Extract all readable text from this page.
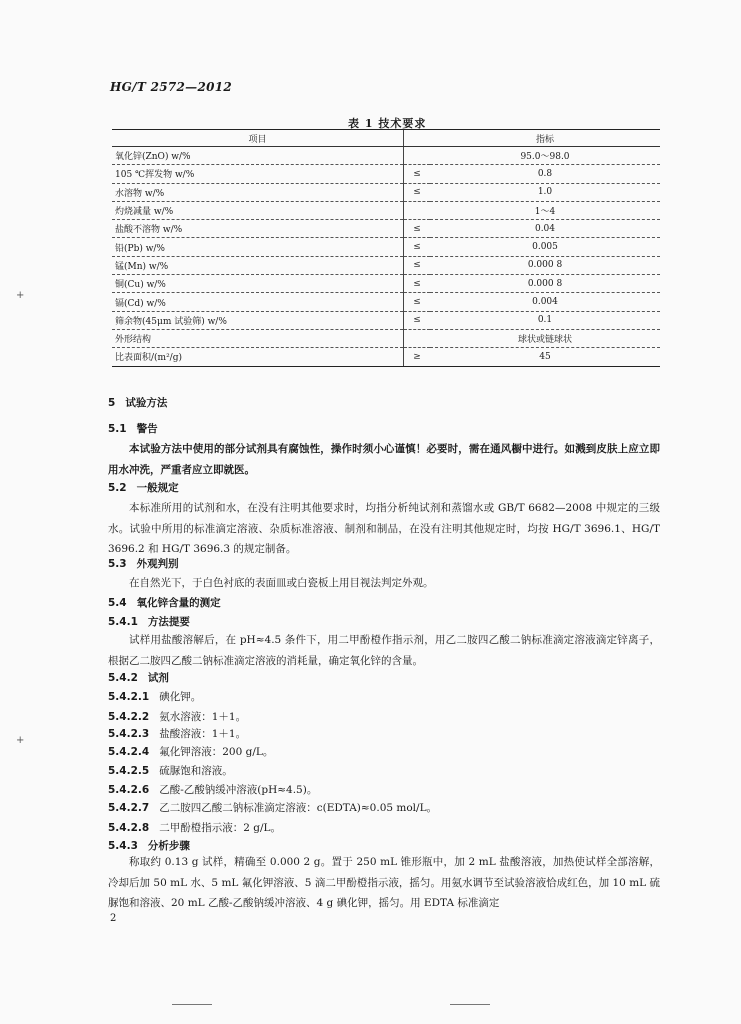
HG/T 2572—2012
表 1 技术要求
项目		指标
氧化锌(ZnO) w/%		95.0～98.0
105 ℃挥发物 w/%	≤	0.8
水溶物 w/%	≤	1.0
灼烧减量 w/%		1～4
盐酸不溶物 w/%	≤	0.04
铅(Pb) w/%	≤	0.005
锰(Mn) w/%	≤	0.000 8
铜(Cu) w/%	≤	0.000 8
镉(Cd) w/%	≤	0.004
筛余物(45μm 试验筛) w/%	≤	0.1
外形结构		球状或链球状
比表面积/(m²/g)	≥	45
5 试验方法
5.1 警告
本试验方法中使用的部分试剂具有腐蚀性，操作时须小心谨慎！必要时，需在通风橱中进行。如溅到皮肤上应立即用水冲洗，严重者应立即就医。
5.2 一般规定
本标准所用的试剂和水，在没有注明其他要求时，均指分析纯试剂和蒸馏水或 GB/T 6682—2008 中规定的三级水。试验中所用的标准滴定溶液、杂质标准溶液、制剂和制品，在没有注明其他规定时，均按 HG/T 3696.1、HG/T 3696.2 和 HG/T 3696.3 的规定制备。
5.3 外观判别
在自然光下，于白色衬底的表面皿或白瓷板上用目视法判定外观。
5.4 氧化锌含量的测定
5.4.1 方法提要
试样用盐酸溶解后，在 pH≈4.5 条件下，用二甲酚橙作指示剂，用乙二胺四乙酸二钠标准滴定溶液滴定锌离子，根据乙二胺四乙酸二钠标准滴定溶液的消耗量，确定氧化锌的含量。
5.4.2 试剂
5.4.2.1 碘化钾。
5.4.2.2 氨水溶液：1＋1。
5.4.2.3 盐酸溶液：1＋1。
5.4.2.4 氟化钾溶液：200 g/L。
5.4.2.5 硫脲饱和溶液。
5.4.2.6 乙酸-乙酸钠缓冲溶液(pH≈4.5)。
5.4.2.7 乙二胺四乙酸二钠标准滴定溶液：c(EDTA)≈0.05 mol/L。
5.4.2.8 二甲酚橙指示液：2 g/L。
5.4.3 分析步骤
称取约 0.13 g 试样，精确至 0.000 2 g。置于 250 mL 锥形瓶中，加 2 mL 盐酸溶液，加热使试样全部溶解，冷却后加 50 mL 水、5 mL 氟化钾溶液、5 滴二甲酚橙指示液，摇匀。用氨水调节至试验溶液恰成红色，加 10 mL 硫脲饱和溶液、20 mL 乙酸-乙酸钠缓冲溶液、4 g 碘化钾，摇匀。用 EDTA 标准滴定
2
+
+
